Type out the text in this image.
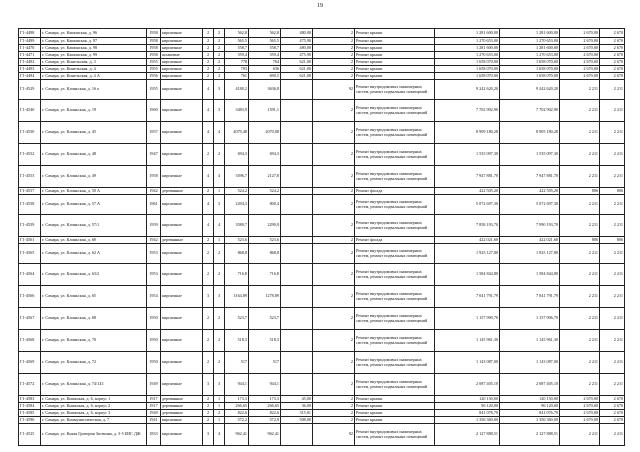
19
Г1-4498	г. Самара, ул. Кашинская, д. 96	1958	кирпичные	2	2	562,8	562,8	480,00	2	Ремонт крыши	1 281 600,00	1 281 600,00	2 670,00	2 670
Г1-4499	г. Самара, ул. Кашинская, д. 97	1958	кирпичные	2	2	565,5	565,5	475,90	2	Ремонт крыши	1 270 653,00	1 270 653,00	2 670,00	2 670
Г1-4470	г. Самара, ул. Кашинская, д. 98	1958	кирпичные	2	2	558,7	558,7	480,00	2	Ремонт крыши	1 281 600,00	1 281 600,00	2 670,00	2 670
Г1-4471	г. Самара, ул. Кашинская, д. 99	1958	шлаковые	2	2	559,4	559,4	475,90	2	Ремонт крыши	1 270 653,00	1 270 653,00	2 670,00	2 670
Г1-4492	г. Самара, ул. Кинельская, д. 3	1955	кирпичные	2	2	778	764	621,00	2	Ремонт крыши	1 658 070,00	1 658 070,00	2 670,00	2 670
Г1-4493	г. Самара, ул. Кинельская, д. 4	1955	кирпичные	2	2	703	636	621,00	2	Ремонт крыши	1 658 070,00	1 658 070,00	2 670,00	2 670
Г1-4494	г. Самара, ул. Кинельская, д. 4 А	1956	кирпичные	2	2	761	690,5	621,00	2	Ремонт крыши	1 658 070,00	1 658 070,00	2 670,00	2 670
Г1-4529	г. Самара, ул. Клиньская, д. 16 а	1955	кирпичные	4	3	4180,2	3636,8		92	Ремонт внутридомовых инженерных систем, ремонт подвальных помещений	9 242 620,20	9 242 620,20	2 211	2 211
Г1-4540	г. Самара, ул. Клиньская, д. 19	1960	кирпичные	4	3	3483,9	1591,1		2	Ремонт внутридомовых инженерных систем, ремонт подвальных помещений	7 702 902,90	7 702 902,90	2 211	2 211
Г1-4550	г. Самара, ул. Клиньская, д. 45	1957	кирпичные	4	4	4079,48	2070,08		2	Ремонт внутридомовых инженерных систем, ремонт подвальных помещений	8 909 180,28	8 905 180,28	2 211	2 211
Г1-4552	г. Самара, ул. Клиньская, д. 48	1947	кирпичные	2	2	694,3	694,3		2	Ремонт внутридомовых инженерных систем, ремонт подвальных помещений	1 535 097,30	1 535 097,30	2 211	2 211
Г1-4553	г. Самара, ул. Клиньская, д. 49	1958	кирпичные	4	4	3596,7	2127,8		2	Ремонт внутридомовых инженерных систем, ремонт подвальных помещений	7 947 881,70	7 947 881,70	2 211	2 211
Г1-4557	г. Самара, ул. Клиньская, д. 50 А	1942	деревянные	2	1	524,2	524,2		2	Ремонт фасада	422 505,20	422 505,20	806	806
Г1-4558	г. Самара, ул. Клиньская, д. 57 А	1961	кирпичные	4	3	2294,3	800,4		2	Ремонт внутридомовых инженерных систем, ремонт подвальных помещений	5 072 697,30	5 072 697,30	2 211	2 211
Г1-4559	г. Самара, ул. Клиньская, д. 57/1	1959	кирпичные	4	4	3580,7	2290,9		2	Ремонт внутридомовых инженерных систем, ремонт подвальных помещений	7 858 193,70	7 990 193,70	2 211	2 211
Г1-4561	г. Самара, ул. Клиньская, д. 60	1942	деревянные	2	1	523,6	523,6		2	Ремонт фасада	422 021,60	422 021,60	806	806
Г1-4565	г. Самара, ул. Клиньская, д. 62 А	1953	кирпичные	2	2	868,8	868,8		2	Ремонт внутридомовых инженерных систем, ремонт подвальных помещений	1 925 127,80	1 925 127,80	2 211	2 211
Г1-4564	г. Самара, ул. Клиньская, д. 63/2	1953	кирпичные	2	2	716,8	716,8		2	Ремонт внутридомовых инженерных систем, ремонт подвальных помещений	1 584 844,80	1 584 844,80	2 211	2 211
Г1-4566	г. Самара, ул. Клиньская, д. 65	1954	кирпичные	3	3	3164,89	1278,89		2	Ремонт внутридомовых инженерных систем, ремонт подвальных помещений	7 041 791,79	7 041 791,79	2 211	2 211
Г1-4567	г. Самара, ул. Клиньская, д. 68	1950	кирпичные	2	2	523,7	523,7		2	Ремонт внутридомовых инженерных систем, ремонт подвальных помещений	1 157 900,70	1 157 906,70	2 211	2 211
Г1-4568	г. Самара, ул. Клиньская, д. 70	1950	кирпичные	2	2	518,3	518,3		2	Ремонт внутридомовых инженерных систем, ремонт подвальных помещений	1 145 961,30	1 145 961,30	2 211	2 211
Г1-4569	г. Самара, ул. Клиньская, д. 72	1950	кирпичные	2	2	517	517		2	Ремонт внутридомовых инженерных систем, ремонт подвальных помещений	1 143 087,00	1 143 087,00	2 211	2 211
Г1-4572	г. Самара, ул. Клиньская, д. 74/143	1949	кирпичные	3	3	944,1	944,1		2	Ремонт внутридомовых инженерных систем, ремонт подвальных помещений	2 087 405,10	2 087 405,10	2 211	2 211
Г1-4583	г. Самара, ул. Книжская, д. 6, корпус 1	1917	деревянные	2	1	173,3	173,3	45,00	2	Ремонт крыши	120 150,00	120 150,00	2 670,00	2 670
Г1-4584	г. Самара, ул. Книжская, д. 6, корпус 2	1917	деревянные	2	1	266,65	266,65	36,00	2	Ремонт крыши	96 120,00	96 120,00	2 670,00	2 670
Г1-4585	г. Самара, ул. Книжская, д. 6, корпус 3	1949	деревянные	2	2	822,6	822,6	315,01	2	Ремонт крыши	841 076,70	841 076,70	2 670,00	2 670
Г1-4596	г. Самара, ул. Коммунистическая, д. 7	1941	кирпичные	2	1	572,2	572,9	508,00	2	Ремонт крыши	1 356 360,00	1 356 360,00	2 670,00	2 670
Г1-4525	г. Самара, ул. Князя Григория Засекина, д. 3-5 БИС ДЖ	1833	кирпичные	3	4	962,41	962,41		92	Ремонт внутридомовых инженерных систем, ремонт подвальных помещений	2 127 888,51	2 127 888,51	2 211	2 211
